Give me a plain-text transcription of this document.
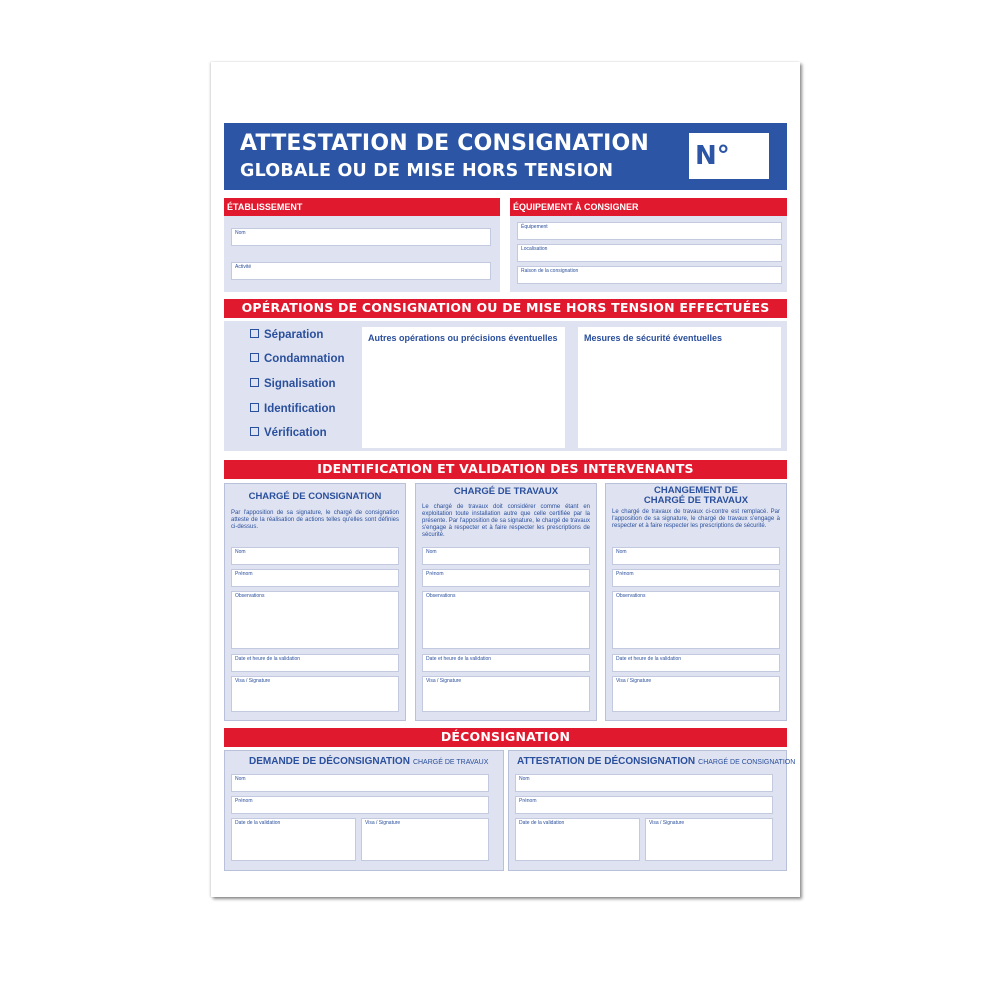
ATTESTATION DE CONSIGNATION
GLOBALE OU DE MISE HORS TENSION	N°
ÉTABLISSEMENT
Nom
Activité
ÉQUIPEMENT À CONSIGNER
Équipement
Localisation
Raison de la consignation
OPÉRATIONS DE CONSIGNATION OU DE MISE HORS TENSION EFFECTUÉES
Séparation
Condamnation
Signalisation
Identification
Vérification
Autres opérations ou précisions éventuelles	Mesures de sécurité éventuelles
IDENTIFICATION ET VALIDATION DES INTERVENANTS
CHARGÉ DE CONSIGNATION
Par l'apposition de sa signature, le chargé de consignation atteste de la réalisation de actions telles qu'elles sont définies ci-dessus.
Nom
Prénom
Observations
Date et heure de la validation
Visa / Signature
CHARGÉ DE TRAVAUX
Le chargé de travaux doit considérer comme étant en exploitation toute installation autre que celle certifiée par la présente. Par l'apposition de sa signature, le chargé de travaux s'engage à respecter et à faire respecter les prescriptions de sécurité.
Nom
Prénom
Observations
Date et heure de la validation
Visa / Signature
CHANGEMENT DE
CHARGÉ DE TRAVAUX
Le chargé de travaux de travaux ci-contre est remplacé. Par l'apposition de sa signature, le chargé de travaux s'engage à respecter et à faire respecter les prescriptions de sécurité.
Nom
Prénom
Observations
Date et heure de la validation
Visa / Signature
DÉCONSIGNATION
DEMANDE DE DÉCONSIGNATION CHARGÉ DE TRAVAUX
Nom
Prénom
Date de la validation	Visa / Signature
ATTESTATION DE DÉCONSIGNATION CHARGÉ DE CONSIGNATION
Nom
Prénom
Date de la validation	Visa / Signature
